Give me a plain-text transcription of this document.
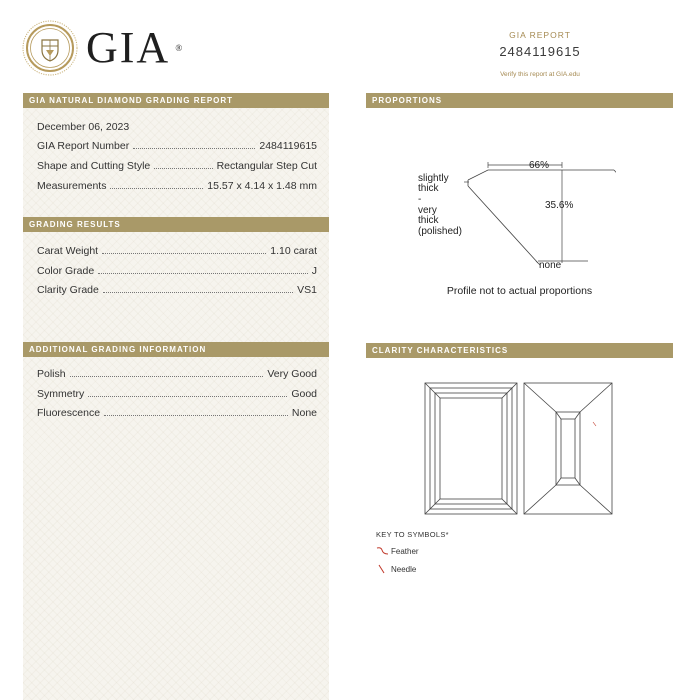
GIA ®
GIA REPORT
2484119615
Verify this report at GIA.edu
GIA NATURAL DIAMOND GRADING REPORT
December 06, 2023
GIA Report Number	2484119615
Shape and Cutting Style	Rectangular Step Cut
Measurements	15.57 x 4.14 x 1.48 mm
GRADING RESULTS
Carat Weight	1.10 carat
Color Grade	J
Clarity Grade	VS1
ADDITIONAL GRADING INFORMATION
Polish	Very Good
Symmetry	Good
Fluorescence	None
PROPORTIONS
66%
35.6%
slightly
thick
-
very
thick
(polished)
none
Profile not to actual proportions
CLARITY CHARACTERISTICS
KEY TO SYMBOLS*
Feather
Needle
